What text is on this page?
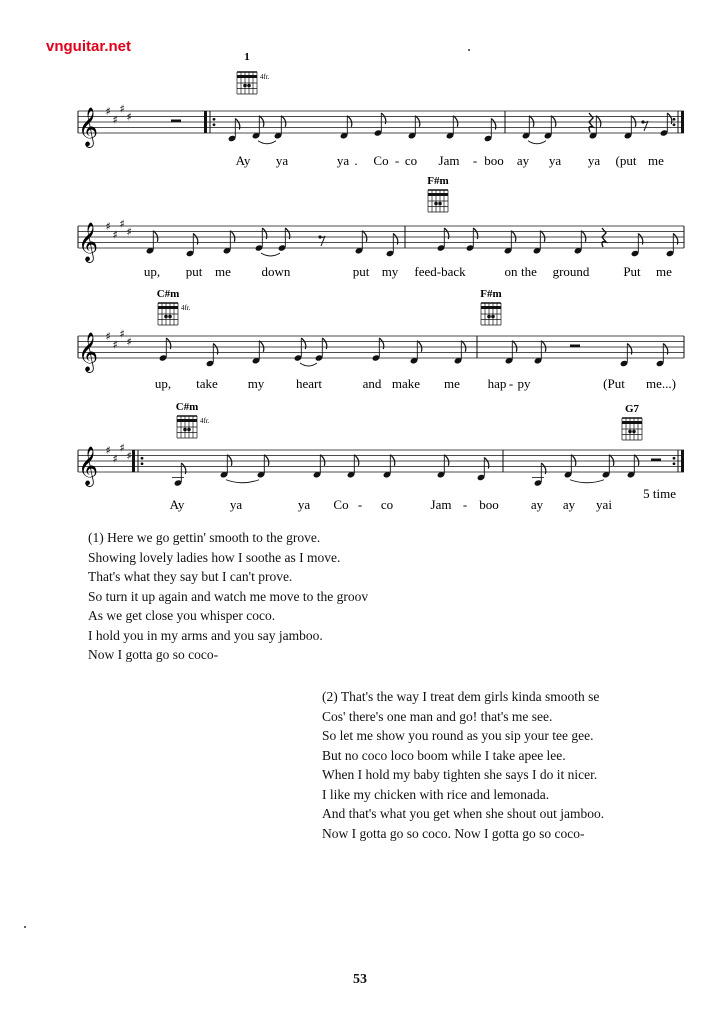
vnguitar.net
𝄞 ♯
♯
♯
♯
Ay ya	ya . Co - co Jam - boo ay ya ya (put me
1
4fr.
𝄞 ♯
♯
♯
♯
up, put me down	put my feed-back	on the ground	Put me
F#m
𝄞 ♯
♯
♯
♯
up, take my heart	and make me hap - py	(Put me...)
C#m
4fr.
F#m
𝄞 ♯
♯
♯
♯
Ay	ya	ya Co - co	Jam - boo ay ay yai
5 time
C#m
4fr.
G7
(1) Here we go gettin' smooth to the grove.
Showing lovely ladies how I soothe as I move.
That's what they say but I can't prove.
So turn it up again and watch me move to the groov
As we get close you whisper coco.
I hold you in my arms and you say jamboo.
Now I gotta go so coco-
(2) That's the way I treat dem girls kinda smooth se
Cos' there's one man and go! that's me see.
So let me show you round as you sip your tee gee.
But no coco loco boom while I take apee lee.
When I hold my baby tighten she says I do it nicer.
I like my chicken with rice and lemonada.
And that's what you get when she shout out jamboo.
Now I gotta go so coco. Now I gotta go so coco-
53
